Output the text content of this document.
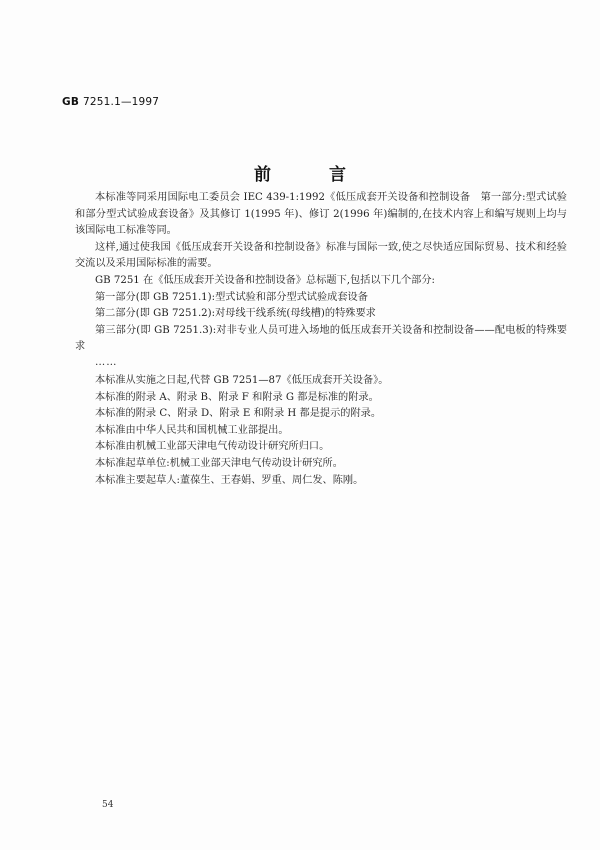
GB 7251.1—1997
前 言

本标准等同采用国际电工委员会 IEC 439-1:1992《低压成套开关设备和控制设备　第一部分:型式试验和部分型式试验成套设备》及其修订 1(1995 年)、修订 2(1996 年)编制的,在技术内容上和编写规则上均与该国际电工标准等同。

这样,通过使我国《低压成套开关设备和控制设备》标准与国际一致,使之尽快适应国际贸易、技术和经验交流以及采用国际标准的需要。

GB 7251 在《低压成套开关设备和控制设备》总标题下,包括以下几个部分:

第一部分(即 GB 7251.1):型式试验和部分型式试验成套设备

第二部分(即 GB 7251.2):对母线干线系统(母线槽)的特殊要求

第三部分(即 GB 7251.3):对非专业人员可进入场地的低压成套开关设备和控制设备——配电板的特殊要求

……

本标准从实施之日起,代替 GB 7251—87《低压成套开关设备》。

本标准的附录 A、附录 B、附录 F 和附录 G 都是标准的附录。

本标准的附录 C、附录 D、附录 E 和附录 H 都是提示的附录。

本标准由中华人民共和国机械工业部提出。

本标准由机械工业部天津电气传动设计研究所归口。

本标准起草单位:机械工业部天津电气传动设计研究所。

本标准主要起草人:董葆生、王春娟、罗重、周仁发、陈刚。

54
